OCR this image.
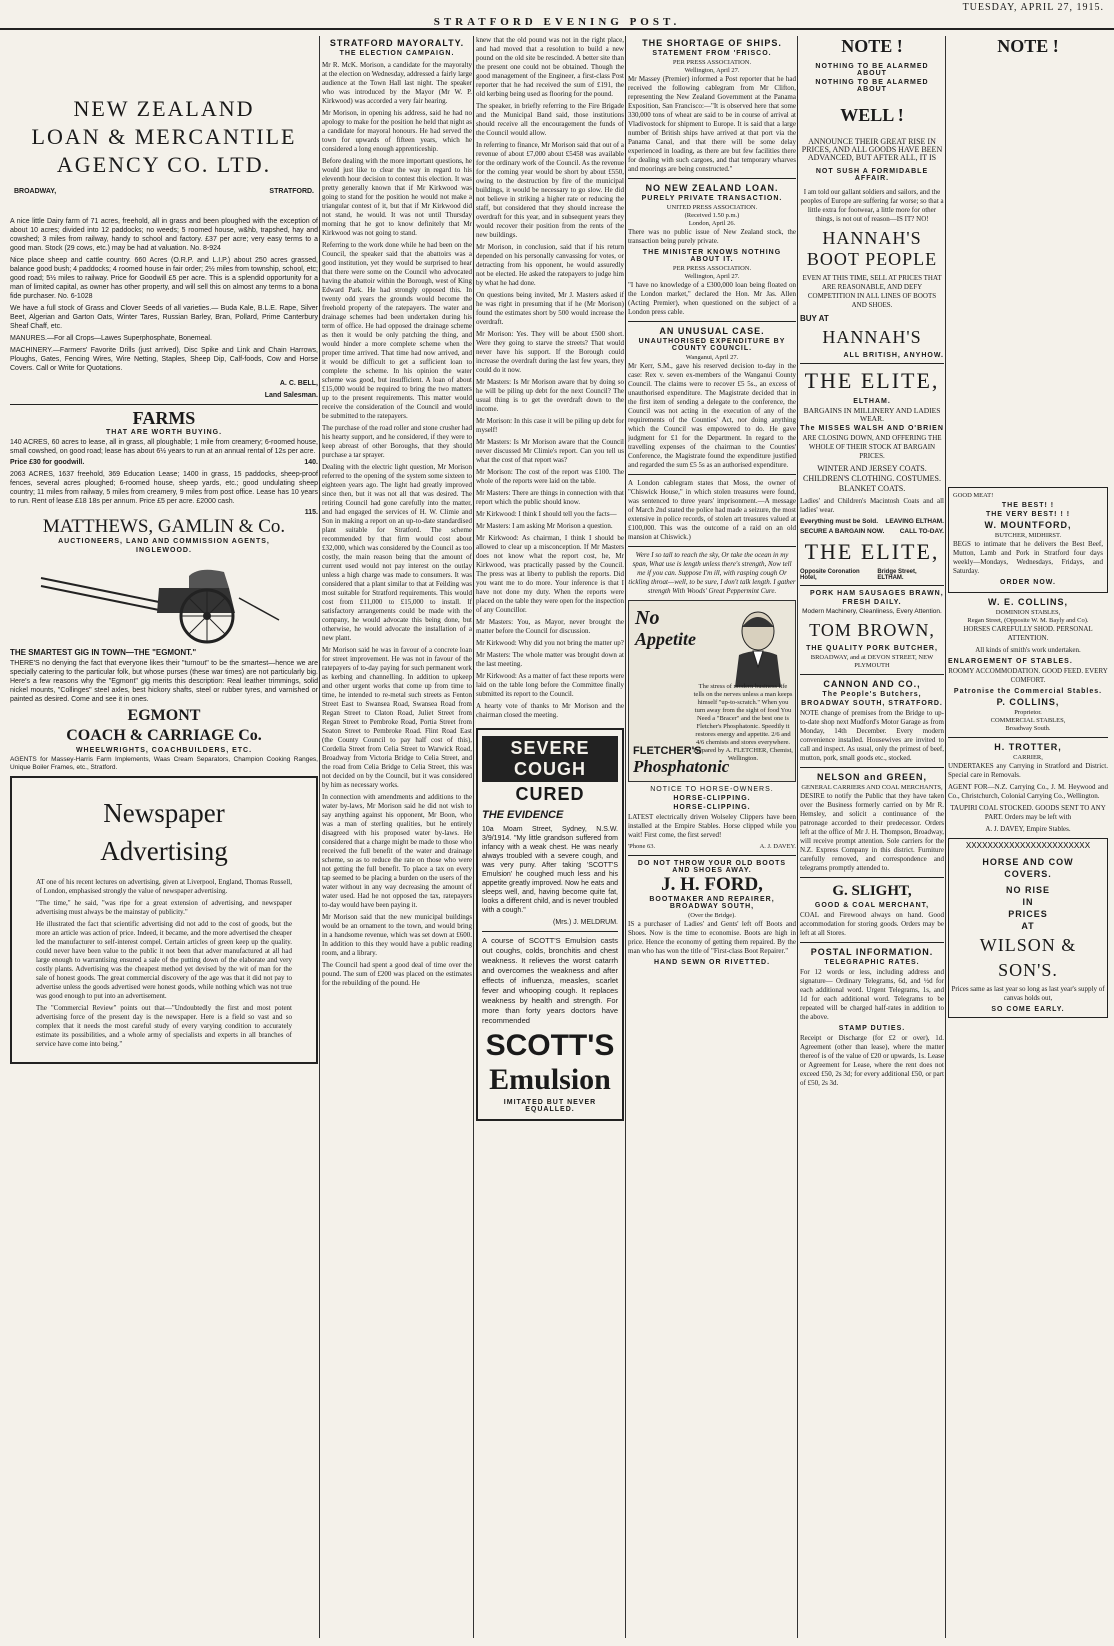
STRATFORD EVENING POST.
TUESDAY, APRIL 27, 1915.
NEW ZEALAND
LOAN & MERCANTILE
AGENCY CO. LTD.
BROADWAY,	STRATFORD.

A nice little Dairy farm of 71 acres, freehold, all in grass and been ploughed with the exception of about 10 acres; divided into 12 paddocks; no weeds; 5 roomed house, w&hb, trapshed, hay and cowshed; 3 miles from railway, handy to school and factory. £37 per acre; very easy terms to a good man. Stock (29 cows, etc.) may be had at valuation. No. 8-924

Nice place sheep and cattle country. 660 Acres (O.R.P. and L.I.P.) about 250 acres grassed, balance good bush; 4 paddocks; 4 roomed house in fair order; 2½ miles from township, school, etc; good road; 5½ miles to railway. Price for Goodwill £5 per acre. This is a splendid opportunity for a man of limited capital, as owner has other property, and will sell this on almost any terms to a bona fide purchaser. No. 6-1028

We have a full stock of Grass and Clover Seeds of all varieties.— Buda Kale, B.L.E. Rape, Silver Beet, Algerian and Garton Oats, Winter Tares, Russian Barley, Bran, Pollard, Prime Canterbury Sheaf Chaff, etc.

MANURES.—For all Crops—Lawes Superphosphate, Bonemeal.

MACHINERY.—Farmers' Favorite Drills (just arrived), Disc Spike and Link and Chain Harrows, Ploughs, Gates, Fencing Wires, Wire Netting, Staples, Sheep Dip, Calf-foods, Cow and Horse Covers. Call or Write for Quotations.

A. C. BELL,

Land Salesman.

FARMS
THAT ARE WORTH BUYING.

140 ACRES, 60 acres to lease, all in grass, all ploughable; 1 mile from creamery; 6-roomed house, small cowshed, on good road; lease has about 6½ years to run at an annual rental of 12s per acre.

Price £30 for goodwill.	140.

2063 ACRES, 1637 freehold, 369 Education Lease; 1400 in grass, 15 paddocks, sheep-proof fences, several acres ploughed; 6-roomed house, sheep yards, etc.; good undulating sheep country; 11 miles from railway, 5 miles from creamery, 9 miles from post office. Lease has 10 years to run. Rent of lease £18 18s per annum. Price £5 per acre. £2000 cash.

115.
MATTHEWS, GAMLIN & Co.
AUCTIONEERS, LAND AND COMMISSION AGENTS,
INGLEWOOD.
THE SMARTEST GIG IN TOWN—THE "EGMONT."

THERE'S no denying the fact that everyone likes their "turnout" to be the smartest—hence we are specially catering to the particular folk, but whose purses (these war times) are not particularly big. Here's a few reasons why the "Egmont" gig merits this description: Real leather trimmings, solid nickel mounts, "Collinges" steel axles, best hickory shafts, steel or rubber tyres, and varnished or painted as desired. Come and see it in ones.

EGMONT
COACH & CARRIAGE Co.
WHEELWRIGHTS, COACHBUILDERS, ETC.

AGENTS for Massey-Harris Farm Implements, Waas Cream Separators, Champion Cooking Ranges, Unique Boiler Frames, etc., Stratford.

Newspaper
Advertising

AT one of his recent lectures on advertising, given at Liverpool, England, Thomas Russell, of London, emphasised strongly the value of newspaper advertising.

"The time," he said, "was ripe for a great extension of advertising, and newspaper advertising must always be the mainstay of publicity."

He illustrated the fact that scientific advertising did not add to the cost of goods, but the more an article was action of price. Indeed, it became, and the more advertised the cheaper led the manufacturer to self-interest compel. Certain articles of green keep up the quality. could never have been value to the public it not been that adver manufactured at all had large enough to warrantising ensured a sale of the putting down of the elaborate and very costly plants. Advertising was the cheapest method yet devised by the wit of man for the sale of honest goods. The great commercial discovery of the age was that it did not pay to advertise unless the goods advertised were honest goods, while nothing which was not true was good enough to put into an advertisement.

The "Commercial Review" points out that—"Undoubtedly the first and most potent advertising force of the present day is the newspaper. Here is a field so vast and so complex that it needs the most careful study of every varying condition to accurately estimate its possibilities, and a whole army of specialists and experts in all branches of service have come into being."

STRATFORD MAYORALTY.
THE ELECTION CAMPAIGN.

Mr R. McK. Morison, a candidate for the mayoralty at the election on Wednesday, addressed a fairly large audience at the Town Hall last night. The speaker who was introduced by the Mayor (Mr W. P. Kirkwood) was accorded a very fair hearing.

Mr Morison, in opening his address, said he had no apology to make for the position he held that night as a candidate for mayoral honours. He had served the town for upwards of fifteen years, which he considered a long enough apprenticeship.

Before dealing with the more important questions, he would just like to clear the way in regard to his eleventh hour decision to contest this election. It was pretty generally known that if Mr Kirkwood was going to stand for the position he would not make a triangular contest of it, but that if Mr Kirkwood did not stand, he would. It was not until Thursday morning that he got to know definitely that Mr Kirkwood was not going to stand.

Referring to the work done while he had been on the Council, the speaker said that the abattoirs was a good institution, yet they would be surprised to hear that there were some on the Council who advocated having the abattoir within the Borough, west of King Edward Park. He had strongly opposed this. In twenty odd years the grounds would become the freehold property of the ratepayers. The water and drainage schemes had been undertaken during his term of office. He had opposed the drainage scheme as then it would be only patching the thing, and would hinder a more complete scheme when the proper time arrived. That time had now arrived, and it would be difficult to get a sufficient loan to complete the scheme. In his opinion the water scheme was good, but insufficient. A loan of about £15,000 would be required to bring the two matters up to the present requirements. This matter would receive the consideration of the Council and would be submitted to the ratepayers.

The purchase of the road roller and stone crusher had his hearty support, and he considered, if they were to keep abreast of other Boroughs, that they should purchase a tar sprayer.

Dealing with the electric light question, Mr Morison referred to the opening of the system some sixteen to eighteen years ago. The light had greatly improved since then, but it was not all that was desired. The retiring Council had gone carefully into the matter, and had engaged the services of H. W. Climie and Son in making a report on an up-to-date standardised plant suitable for Stratford. The scheme recommended by that firm would cost about £32,000, which was considered by the Council as too costly, the main reason being that the amount of current used would not pay interest on the outlay unless a high charge was made to consumers. It was considered that a plant similar to that at Feilding was most suitable for Stratford requirements. This would cost from £11,000 to £15,000 to install. If satisfactory arrangements could be made with the company, he would advocate this being done, but otherwise, he would advocate the installation of a new plant.

Mr Morison said he was in favour of a concrete loan for street improvement. He was not in favour of the ratepayers of to-day paying for such permanent work as kerbing and channelling. In addition to upkeep and other urgent works that come up from time to time, he intended to re-metal such streets as Fenton Street East to Swansea Road, Swansea Road from Regan Street to Claton Road, Juliet Street from Regan Street to Pembroke Road, Portia Street from Seaton Street to Pembroke Road. Flint Road East (the County Council to pay half cost of this), Cordelia Street from Celia Street to Warwick Road, Broadway from Victoria Bridge to Celia Street, and the road from Celia Bridge to Celia Street, this was not decided on by the Council, but it was considered by him as necessary works.

In connection with amendments and additions to the water by-laws, Mr Morison said he did not wish to say anything against his opponent, Mr Boon, who was a man of sterling qualities, but he entirely disagreed with his proposed water by-laws. He considered that a charge might be made to those who received the full benefit of the water and drainage scheme, so as to reduce the rate on those who were not getting the full benefit. To place a tax on every tap seemed to be placing a burden on the users of the water without in any way decreasing the amount of water used. Had he not opposed the tax, ratepayers to-day would have been paying it.

Mr Morison said that the new municipal buildings would be an ornament to the town, and would bring in a handsome revenue, which was set down at £600. In addition to this they would have a public reading room, and a library.

The Council had spent a good deal of time over the pound. The sum of £200 was placed on the estimates for the rebuilding of the pound. He

knew that the old pound was not in the right place, and had moved that a resolution to build a new pound on the old site be rescinded. A better site than the present one could not be obtained. Though the good management of the Engineer, a first-class Post reporter that he had received the sum of £191, the old kerbing being used as flooring for the pound.

The speaker, in briefly referring to the Fire Brigade and the Municipal Band said, those institutions should receive all the encouragement the funds of the Council would allow.

In referring to finance, Mr Morison said that out of a revenue of about £7,000 about £5458 was available for the ordinary work of the Council. As the revenue for the coming year would be short by about £550, owing to the destruction by fire of the municipal buildings, it would be necessary to go slow. He did not believe in striking a higher rate or reducing the staff, but considered that they should increase the overdraft for this year, and in subsequent years they would recover their position from the rents of the new buildings.

Mr Morison, in conclusion, said that if his return depended on his personally canvassing for votes, or detracting from his opponent, he would assuredly not be elected. He asked the ratepayers to judge him by what he had done.

On questions being invited, Mr J. Masters asked if he was right in presuming that if he (Mr Morison) found the estimates short by 500 would increase the overdraft.

Mr Morison: Yes. They will be about £500 short. Were they going to starve the streets? That would never have his support. If the Borough could increase the overdraft during the last few years, they could do it now.

Mr Masters: Is Mr Morison aware that by doing so he will be piling up debt for the next Council? The usual thing is to get the overdraft down to the income.

Mr Morison: In this case it will be piling up debt for myself!

Mr Masters: Is Mr Morison aware that the Council never discussed Mr Climie's report. Can you tell us what the cost of that report was?

Mr Morison: The cost of the report was £100. The whole of the reports were laid on the table.

Mr Masters: There are things in connection with that report which the public should know.

Mr Kirkwood: I think I should tell you the facts—

Mr Masters: I am asking Mr Morison a question.

Mr Kirkwood: As chairman, I think I should be allowed to clear up a misconception. If Mr Masters does not know what the report cost, he, Mr Kirkwood, was practically passed by the Council. The press was at liberty to publish the reports. Did you want me to do more. Your inference is that I have not done my duty. When the reports were placed on the table they were open for the inspection of any Councillor.

Mr Masters: You, as Mayor, never brought the matter before the Council for discussion.

Mr Kirkwood: Why did you not bring the matter up?

Mr Masters: The whole matter was brought down at the last meeting.

Mr Kirkwood: As a matter of fact these reports were laid on the table long before the Committee finally submitted its report to the Council.

A hearty vote of thanks to Mr Morison and the chairman closed the meeting.

SEVERE COUGH
CURED
THE EVIDENCE

10a Moam Street, Sydney, N.S.W. 3/9/1914. "My little grandson suffered from infancy with a weak chest. He was nearly always troubled with a severe cough, and was very puny. After taking 'SCOTT'S Emulsion' he coughed much less and his appetite greatly improved. Now he eats and sleeps well, and, having become quite fat, looks a different child, and is never troubled with a cough."

(Mrs.) J. MELDRUM.

A course of SCOTT'S Emulsion casts out coughs, colds, bronchitis and chest weakness. It relieves the worst catarrh and overcomes the weakness and after effects of influenza, measles, scarlet fever and whooping cough. It replaces weakness by health and strength. For more than forty years doctors have recommended

SCOTT'S
Emulsion
IMITATED BUT NEVER EQUALLED.
THE SHORTAGE OF SHIPS.
STATEMENT FROM 'FRISCO.
PER PRESS ASSOCIATION.
Wellington, April 27.

Mr Massey (Premier) informed a Post reporter that he had received the following cablegram from Mr Clifton, representing the New Zealand Government at the Panama Exposition, San Francisco:—"It is observed here that some 330,000 tons of wheat are said to be in course of arrival at Vladivostock for shipment to Europe. It is said that a large number of British ships have arrived at that port via the Panama Canal, and that there will be some delay experienced in loading, as there are but few facilities there for dealing with such cargoes, and that temporary wharves and moorings are being constructed."

NO NEW ZEALAND LOAN.
PURELY PRIVATE TRANSACTION.
UNITED PRESS ASSOCIATION.
(Received 1.50 p.m.)
London, April 26.

There was no public issue of New Zealand stock, the transaction being purely private.

THE MINISTER KNOWS NOTHING ABOUT IT.
PER PRESS ASSOCIATION.
Wellington, April 27.

"I have no knowledge of a £300,000 loan being floated on the London market," declared the Hon. Mr Jas. Allen (Acting Premier), when questioned on the subject of a London press cable.

AN UNUSUAL CASE.
UNAUTHORISED EXPENDITURE BY COUNTY COUNCIL.
Wanganui, April 27.

Mr Kerr, S.M., gave his reserved decision to-day in the case: Rex v. seven ex-members of the Wanganui County Council. The claims were to recover £5 5s., an excess of unauthorised expenditure. The Magistrate decided that in the first item of sending a delegate to the conference, the Council was not acting in the execution of any of the requirements of the Counties' Act, nor doing anything which the Council was empowered to do. He gave judgment for £1 for the Department. In regard to the travelling expenses of the chairman to the Counties' Conference, the Magistrate found the expenditure justified and regarded the sum £5 5s as an authorised expenditure.

A London cablegram states that Moss, the owner of "Chiswick House," in which stolen treasures were found, was sentenced to three years' imprisonment.—A message of March 2nd stated the police had made a seizure, the most extensive in police records, of stolen art treasures valued at £100,000. This was the outcome of a raid on an old mansion at Chiswick.)

Were I so tall to reach the sky, Or take the ocean in my span, What use is length unless there's strength, Now tell me if you can. Suppose I'm ill, with rasping cough Or tickling throat—well, to be sure, I don't talk length. I gather strength With Woods' Great Peppermint Cure.

No
Appetite

The stress of modern business life tells on the nerves unless a man keeps himself "up-to-scratch." When you turn away from the sight of food You Need a "Bracer" and the best one is Fletcher's Phosphatonic. Speedily it restores energy and appetite. 2/6 and 4/6 chemists and stores everywhere. Prepared by A. FLETCHER, Chemist, Wellington.

FLETCHER'S
Phosphatonic
NOTICE TO HORSE-OWNERS.
HORSE-CLIPPING.
HORSE-CLIPPING.

LATEST electrically driven Wolseley Clippers have been installed at the Empire Stables. Horse clipped while you wait! First come, the first served!

'Phone 63.	A. J. DAVEY.
DO NOT THROW YOUR OLD BOOTS AND SHOES AWAY.
J. H. FORD,
BOOTMAKER AND REPAIRER, BROADWAY SOUTH,
(Over the Bridge).

IS a purchaser of Ladies' and Gents' left off Boots and Shoes. Now is the time to economise. Boots are high in price. Hence the economy of getting them repaired. By the man who has won the title of "First-class Boot Repairer."

HAND SEWN OR RIVETTED.
NOTE !
NOTHING TO BE ALARMED ABOUT
NOTHING TO BE ALARMED ABOUT
WELL !
ANNOUNCE THEIR GREAT RISE IN PRICES, AND ALL GOODS HAVE BEEN ADVANCED, BUT AFTER ALL, IT IS
NOT SUSH A FORMIDABLE AFFAIR.

I am told our gallant soldiers and sailors, and the peoples of Europe are suffering far worse; so that a little extra for footwear, a little more for other things, is not out of reason—IS IT? NO!

HANNAH'S BOOT PEOPLE

EVEN AT THIS TIME, SELL AT PRICES THAT ARE REASONABLE, AND DEFY COMPETITION IN ALL LINES OF BOOTS AND SHOES.

BUY AT
HANNAH'S
ALL BRITISH, ANYHOW.
THE ELITE,
ELTHAM.
BARGAINS IN MILLINERY AND LADIES WEAR.
The MISSES WALSH AND O'BRIEN

ARE CLOSING DOWN, AND OFFERING THE WHOLE OF THEIR STOCK AT BARGAIN PRICES.

WINTER AND JERSEY COATS. CHILDREN'S CLOTHING. COSTUMES. BLANKET COATS.

Ladies' and Children's Macintosh Coats and all ladies' wear.

Everything must be Sold. LEAVING ELTHAM.
SECURE A BARGAIN NOW. CALL TO-DAY.
THE ELITE,
Opposite Coronation Hotel,
Bridge Street, ELTHAM.
PORK HAM SAUSAGES BRAWN,
FRESH DAILY.
Modern Machinery, Cleanliness, Every Attention.
TOM BROWN,
THE QUALITY PORK BUTCHER,
BROADWAY, and at DEVON STREET, NEW PLYMOUTH
CANNON AND CO.,
The People's Butchers,
BROADWAY SOUTH, STRATFORD.

NOTE change of premises from the Bridge to up-to-date shop next Mudford's Motor Garage as from Monday, 14th December. Every modern convenience installed. Housewives are invited to call and inspect. As usual, only the primest of beef, mutton, pork, small goods etc., stocked.

NELSON and GREEN,
GENERAL CARRIERS AND COAL MERCHANTS,

DESIRE to notify the Public that they have taken over the Business formerly carried on by Mr R. Hemsley, and solicit a continuance of the patronage accorded to their predecessor. Orders left at the office of Mr J. H. Thompson, Broadway, will receive prompt attention. Sole carriers for the N.Z. Express Company in this district. Furniture carefully removed, and correspondence and telegrams promptly attended to.

G. SLIGHT,
GOOD & COAL MERCHANT,

COAL and Firewood always on hand. Good accommodation for storing goods. Orders may be left at all Stores.

POSTAL INFORMATION.
TELEGRAPHIC RATES.

For 12 words or less, including address and signature— Ordinary Telegrams, 6d, and ½d for each additional word. Urgent Telegrams, 1s, and 1d for each additional word. Telegrams to be repeated will be charged half-rates in addition to the above.

STAMP DUTIES.

Receipt or Discharge (for £2 or over), 1d. Agreement (other than lease), where the matter thereof is of the value of £20 or upwards, 1s. Lease or Agreement for Lease, where the rent does not exceed £50, 2s 3d; for every additional £50, or part of £50, 2s 3d.

NOTE !
GOOD MEAT!
THE BEST! !
THE VERY BEST! ! !
W. MOUNTFORD,
BUTCHER, MIDHIRST.

BEGS to intimate that he delivers the Best Beef, Mutton, Lamb and Pork in Stratford four days weekly—Mondays, Wednesdays, Fridays, and Saturday.

ORDER NOW.
W. E. COLLINS,
DOMINION STABLES,
Regan Street, (Opposite W. M. Bayly and Co).

HORSES CAREFULLY SHOD. PERSONAL ATTENTION.

All kinds of smith's work undertaken.

ENLARGEMENT OF STABLES.

ROOMY ACCOMMODATION. GOOD FEED. EVERY COMFORT.

Patronise the Commercial Stables.
P. COLLINS,
Proprietor.
COMMERCIAL STABLES,
Broadway South.
H. TROTTER,
CARRIER,

UNDERTAKES any Carrying in Stratford and District. Special care in Removals.

AGENT FOR—N.Z. Carrying Co., J. M. Heywood and Co., Christchurch, Colonial Carrying Co., Wellington.

TAUPIRI COAL STOCKED. GOODS SENT TO ANY PART. Orders may be left with

A. J. DAVEY, Empire Stables.

XXXXXXXXXXXXXXXXXXXXXXX
HORSE AND COW
COVERS.
NO RISE
IN
PRICES
AT
WILSON &
SON'S.

Prices same as last year so long as last year's supply of canvas holds out,

SO COME EARLY.
